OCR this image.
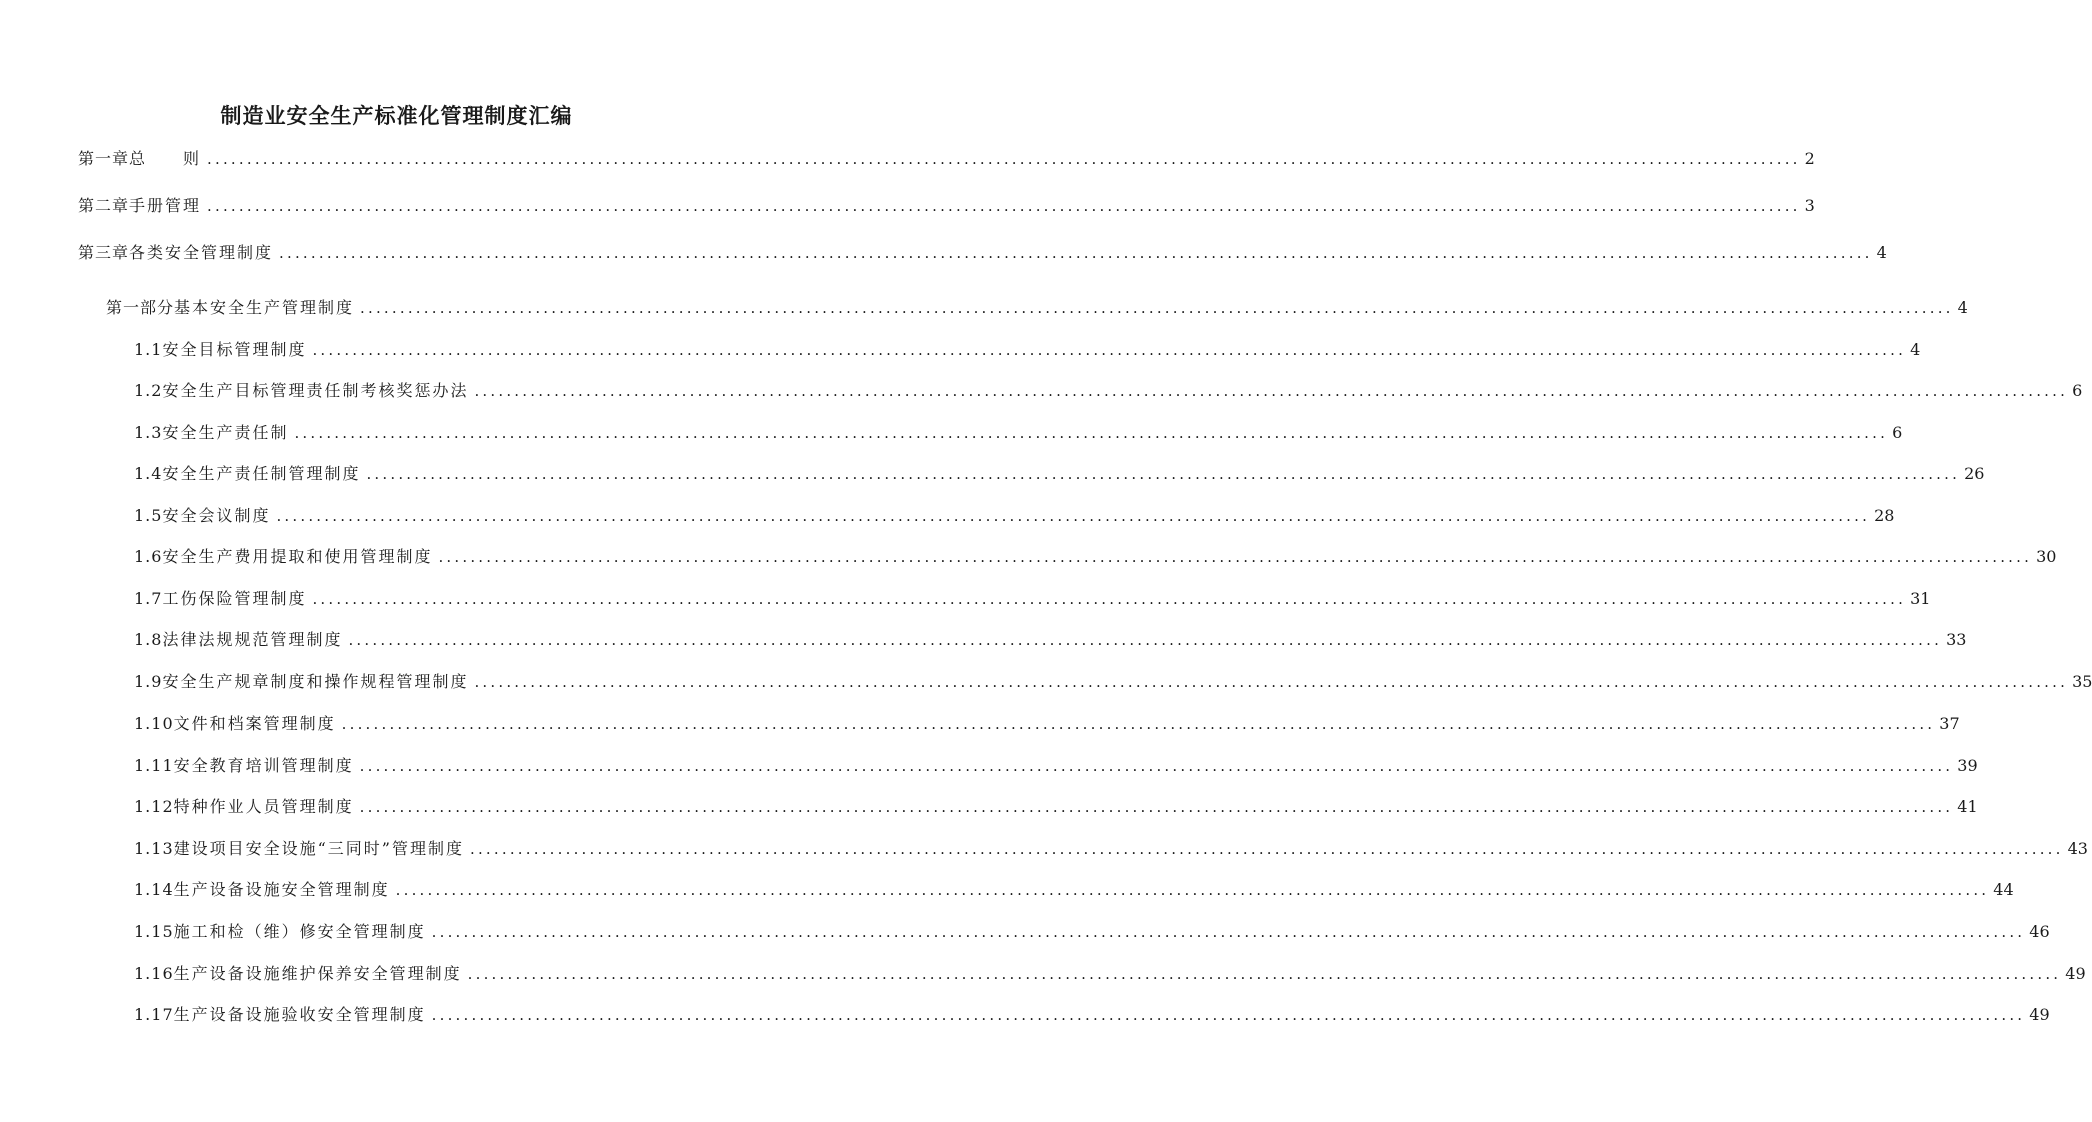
制造业安全生产标准化管理制度汇编
第一章 总　　则 ........................................................................................................................................................................................................ 2
第二章 手册管理 ........................................................................................................................................................................................................ 3
第三章 各类安全管理制度 ........................................................................................................................................................................................................ 4
第一部分 基本安全生产管理制度 ........................................................................................................................................................................................................ 4
1.1 安全目标管理制度 ........................................................................................................................................................................................................ 4
1.2 安全生产目标管理责任制考核奖惩办法 ........................................................................................................................................................................................................ 6
1.3 安全生产责任制 ........................................................................................................................................................................................................ 6
1.4 安全生产责任制管理制度 ........................................................................................................................................................................................................ 26
1.5 安全会议制度 ........................................................................................................................................................................................................ 28
1.6 安全生产费用提取和使用管理制度 ........................................................................................................................................................................................................ 30
1.7 工伤保险管理制度 ........................................................................................................................................................................................................ 31
1.8 法律法规规范管理制度 ........................................................................................................................................................................................................ 33
1.9 安全生产规章制度和操作规程管理制度 ........................................................................................................................................................................................................ 35
1.10 文件和档案管理制度 ........................................................................................................................................................................................................ 37
1.11 安全教育培训管理制度 ........................................................................................................................................................................................................ 39
1.12 特种作业人员管理制度 ........................................................................................................................................................................................................ 41
1.13 建设项目安全设施“三同时”管理制度 ........................................................................................................................................................................................................ 43
1.14 生产设备设施安全管理制度 ........................................................................................................................................................................................................ 44
1.15 施工和检（维）修安全管理制度 ........................................................................................................................................................................................................ 46
1.16 生产设备设施维护保养安全管理制度 ........................................................................................................................................................................................................ 49
1.17 生产设备设施验收安全管理制度 ........................................................................................................................................................................................................ 49
